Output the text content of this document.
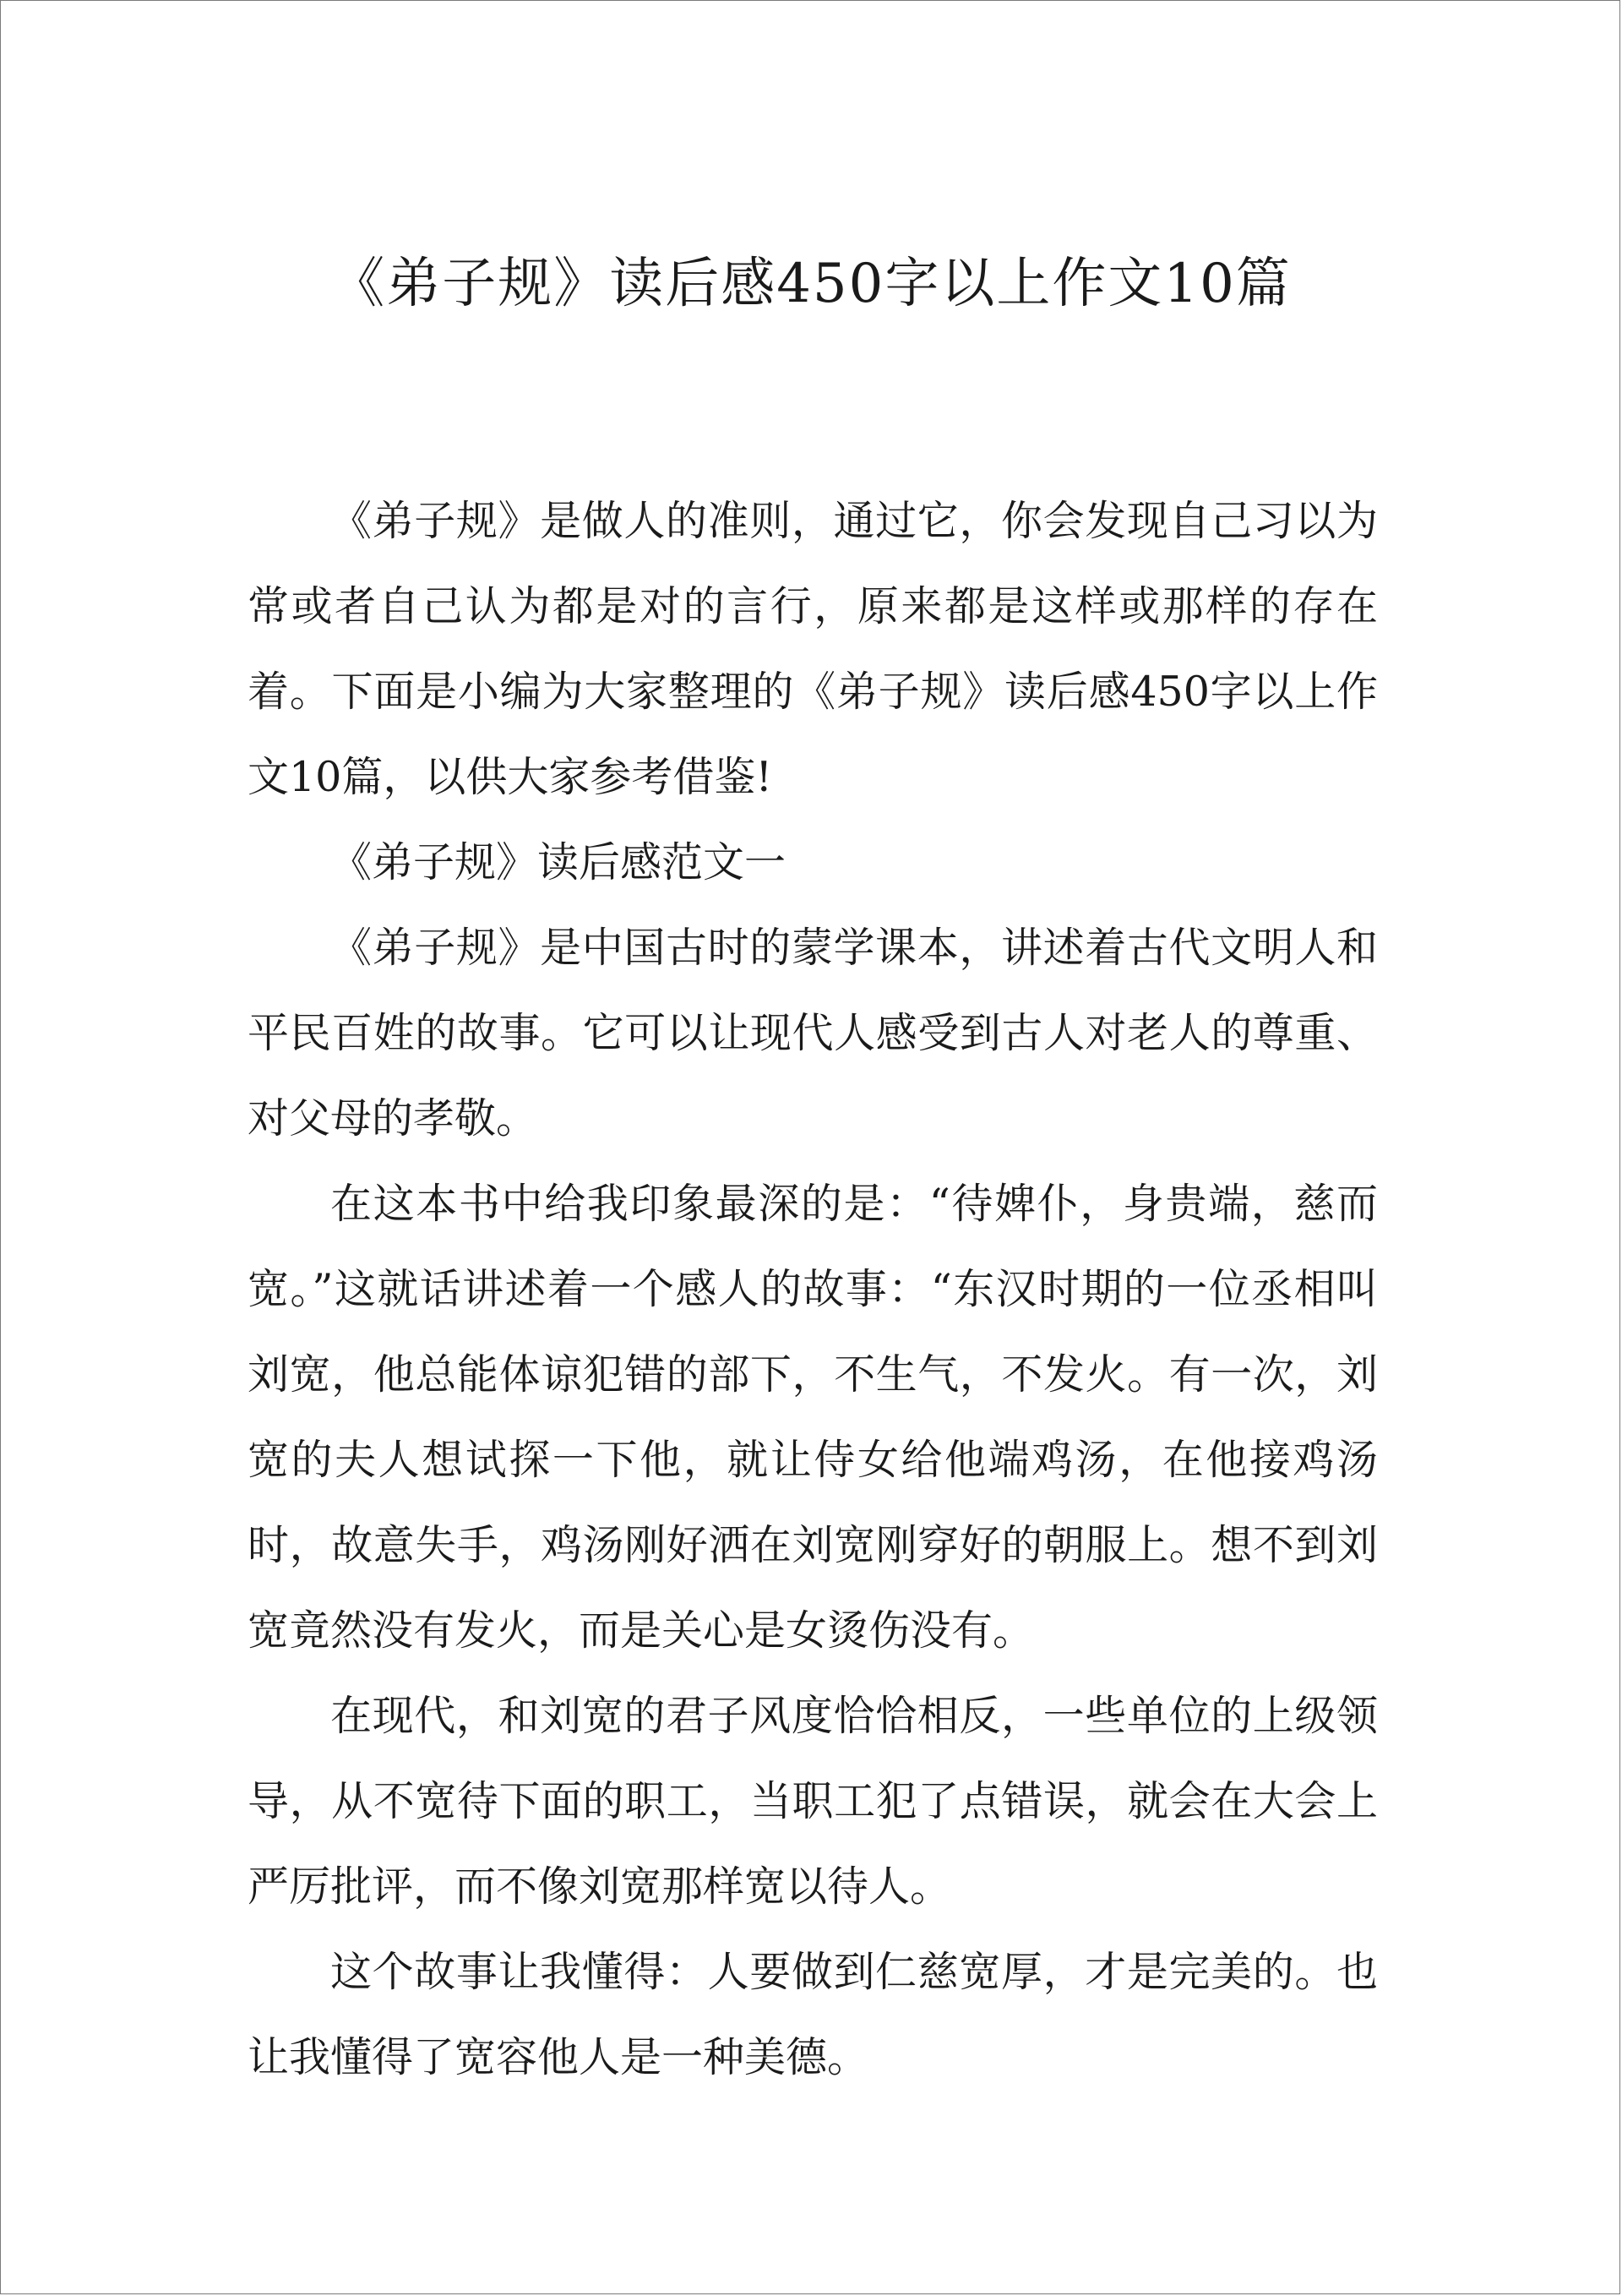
《弟子规》读后感450字以上作文10篇

《弟子规》是做人的准则，通过它，你会发现自己习以为常或者自己认为都是对的言行，原来都是这样或那样的存在着。下面是小编为大家整理的《弟子规》读后感450字以上作文10篇，以供大家参考借鉴!

《弟子规》读后感范文一

《弟子规》是中国古时的蒙学课本，讲述着古代文明人和平民百姓的故事。它可以让现代人感受到古人对老人的尊重、对父母的孝敬。

在这本书中给我印象最深的是：“待婢仆，身贵端，慈而宽。”这就话讲述着一个感人的故事：“东汉时期的一位丞相叫刘宽，他总能体谅犯错的部下，不生气，不发火。有一次，刘宽的夫人想试探一下他，就让侍女给他端鸡汤，在他接鸡汤时，故意失手，鸡汤刚好洒在刘宽刚穿好的朝服上。想不到刘宽竟然没有发火，而是关心是女烫伤没有。

在现代，和刘宽的君子风度恰恰相反，一些单位的上级领导，从不宽待下面的职工，当职工犯了点错误，就会在大会上严厉批评，而不像刘宽那样宽以待人。

这个故事让我懂得：人要做到仁慈宽厚，才是完美的。也让我懂得了宽容他人是一种美德。
